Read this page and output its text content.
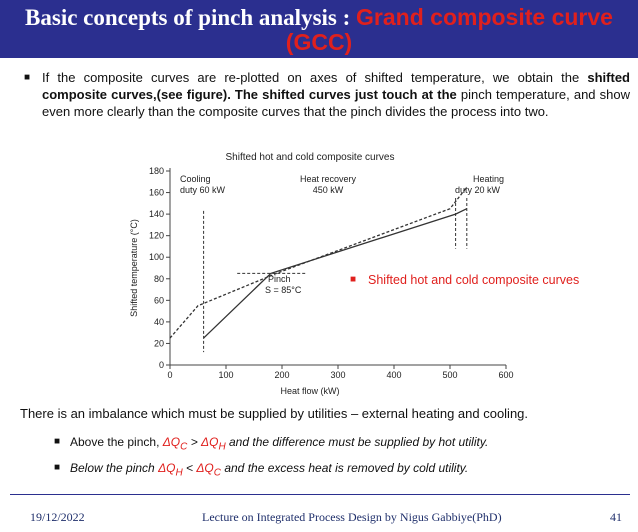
Basic concepts of pinch analysis : Grand composite curve (GCC)
■ If the composite curves are re-plotted on axes of shifted temperature, we obtain the shifted composite curves,(see figure). The shifted curves just touch at the pinch temperature, and show even more clearly than the composite curves that the pinch divides the process into two.
Shifted hot and cold composite curves
Shifted temperature (°C)
Heat flow (kW)
0
20
40
60
80
100
120
140
160
180
0	100	200	300	400	500	600
Cooling
duty 60 kW
Heat recovery
450 kW
Heating
duty 20 kW
Pinch
S = 85°C
■ Shifted hot and cold composite curves
There is an imbalance which must be supplied by utilities – external heating and cooling.
■ Above the pinch, $\Delta Q_C > \Delta Q_H$ and the difference must be supplied by hot utility.
■ Below the pinch $\Delta Q_H < \Delta Q_C$ and the excess heat is removed by cold utility.
19/12/2022	Lecture on Integrated Process Design by Nigus Gabbiye(PhD)	41
